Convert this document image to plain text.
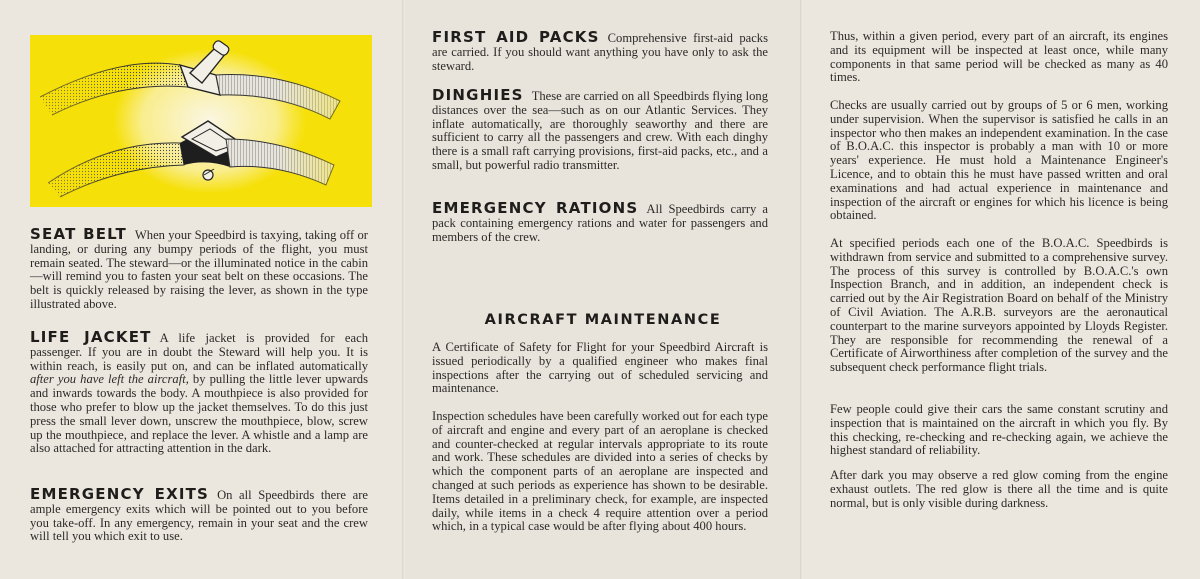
SEAT BELT When your Speedbird is taxying, taking off or landing, or during any bumpy periods of the flight, you must remain seated. The steward—or the illuminated notice in the cabin—will remind you to fasten your seat belt on these occasions. The belt is quickly released by raising the lever, as shown in the type illustrated above.

LIFE JACKET A life jacket is provided for each passenger. If you are in doubt the Steward will help you. It is within reach, is easily put on, and can be inflated automatically after you have left the aircraft, by pulling the little lever upwards and inwards towards the body. A mouthpiece is also provided for those who prefer to blow up the jacket themselves. To do this just press the small lever down, unscrew the mouthpiece, blow, screw up the mouthpiece, and replace the lever. A whistle and a lamp are also attached for attracting attention in the dark.

EMERGENCY EXITS On all Speedbirds there are ample emergency exits which will be pointed out to you before you take-off. In any emergency, remain in your seat and the crew will tell you which exit to use.

FIRST AID PACKS Comprehensive first-aid packs are carried. If you should want anything you have only to ask the steward.

DINGHIES These are carried on all Speedbirds flying long distances over the sea—such as on our Atlantic Services. They inflate automatically, are thoroughly seaworthy and there are sufficient to carry all the passengers and crew. With each dinghy there is a small raft carrying provisions, first-aid packs, etc., and a small, but powerful radio transmitter.

EMERGENCY RATIONS All Speedbirds carry a pack containing emergency rations and water for passengers and members of the crew.

AIRCRAFT MAINTENANCE

A Certificate of Safety for Flight for your Speedbird Aircraft is issued periodically by a qualified engineer who makes final inspections after the carrying out of scheduled servicing and maintenance.

Inspection schedules have been carefully worked out for each type of aircraft and engine and every part of an aeroplane is checked and counter-checked at regular intervals appropriate to its route and work. These schedules are divided into a series of checks by which the component parts of an aeroplane are inspected and changed at such periods as experience has shown to be desirable. Items detailed in a preliminary check, for example, are inspected daily, while items in a check 4 require attention over a period which, in a typical case would be after flying about 400 hours.

Thus, within a given period, every part of an aircraft, its engines and its equipment will be inspected at least once, while many components in that same period will be checked as many as 40 times.

Checks are usually carried out by groups of 5 or 6 men, working under supervision. When the supervisor is satisfied he calls in an inspector who then makes an independent examination. In the case of B.O.A.C. this inspector is probably a man with 10 or more years' experience. He must hold a Maintenance Engineer's Licence, and to obtain this he must have passed written and oral examinations and had actual experience in maintenance and inspection of the aircraft or engines for which his licence is being obtained.

At specified periods each one of the B.O.A.C. Speedbirds is withdrawn from service and submitted to a comprehensive survey. The process of this survey is controlled by B.O.A.C.'s own Inspection Branch, and in addition, an independent check is carried out by the Air Registration Board on behalf of the Ministry of Civil Aviation. The A.R.B. surveyors are the aeronautical counterpart to the marine surveyors appointed by Lloyds Register. They are responsible for recommending the renewal of a Certificate of Airworthiness after completion of the survey and the subsequent check performance flight trials.

Few people could give their cars the same constant scrutiny and inspection that is maintained on the aircraft in which you fly. By this checking, re-checking and re-checking again, we achieve the highest standard of reliability.

After dark you may observe a red glow coming from the engine exhaust outlets. The red glow is there all the time and is quite normal, but is only visible during darkness.
